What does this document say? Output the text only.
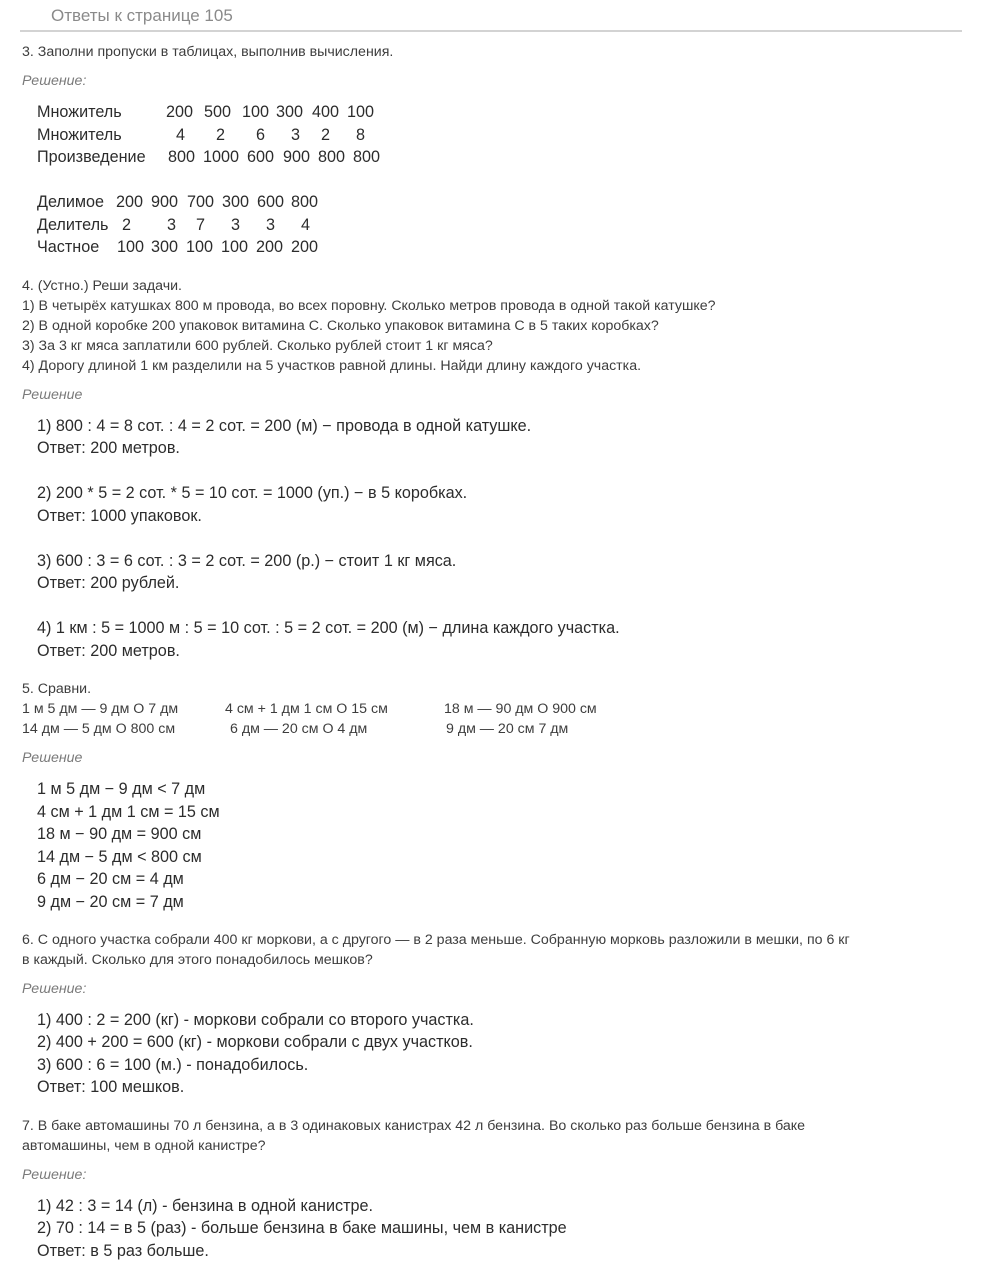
Ответы к странице 105
3. Заполни пропуски в таблицах, выполнив вычисления.
Решение:
Множитель	200 500 100 300 400 100
Множитель	4 2 6 3 2 8
Произведение 800 1000 600 900 800 800
Делимое 200 900 700 300 600 800
Делитель 2 3 7 3 3 4
Частное 100 300 100 100 200 200
4. (Устно.) Реши задачи.
1) В четырёх катушках 800 м провода, во всех поровну. Сколько метров провода в одной такой катушке?
2) В одной коробке 200 упаковок витамина С. Сколько упаковок витамина С в 5 таких коробках?
3) За 3 кг мяса заплатили 600 рублей. Сколько рублей стоит 1 кг мяса?
4) Дорогу длиной 1 км разделили на 5 участков равной длины. Найди длину каждого участка.
Решение
1) 800 : 4 = 8 сот. : 4 = 2 сот. = 200 (м) − провода в одной катушке.
Ответ: 200 метров.
2) 200 * 5 = 2 сот. * 5 = 10 сот. = 1000 (уп.) − в 5 коробках.
Ответ: 1000 упаковок.
3) 600 : 3 = 6 сот. : 3 = 2 сот. = 200 (р.) − стоит 1 кг мяса.
Ответ: 200 рублей.
4) 1 км : 5 = 1000 м : 5 = 10 сот. : 5 = 2 сот. = 200 (м) − длина каждого участка.
Ответ: 200 метров.
5. Сравни.
1 м 5 дм — 9 дм О 7 дм	4 см + 1 дм 1 см О 15 см	18 м — 90 дм О 900 см
14 дм — 5 дм О 800 см	6 дм — 20 см О 4 дм	9 дм — 20 см 7 дм
Решение
1 м 5 дм − 9 дм < 7 дм
4 см + 1 дм 1 см = 15 см
18 м − 90 дм = 900 см
14 дм − 5 дм < 800 см
6 дм − 20 см = 4 дм
9 дм − 20 см = 7 дм
6. С одного участка собрали 400 кг моркови, а с другого — в 2 раза меньше. Собранную морковь разложили в мешки, по 6 кг
в каждый. Сколько для этого понадобилось мешков?
Решение:
1) 400 : 2 = 200 (кг) - моркови собрали со второго участка.
2) 400 + 200 = 600 (кг) - моркови собрали с двух участков.
3) 600 : 6 = 100 (м.) - понадобилось.
Ответ: 100 мешков.
7. В баке автомашины 70 л бензина, а в 3 одинаковых канистрах 42 л бензина. Во сколько раз больше бензина в баке
автомашины, чем в одной канистре?
Решение:
1) 42 : 3 = 14 (л) - бензина в одной канистре.
2) 70 : 14 = в 5 (раз) - больше бензина в баке машины, чем в канистре
Ответ: в 5 раз больше.
